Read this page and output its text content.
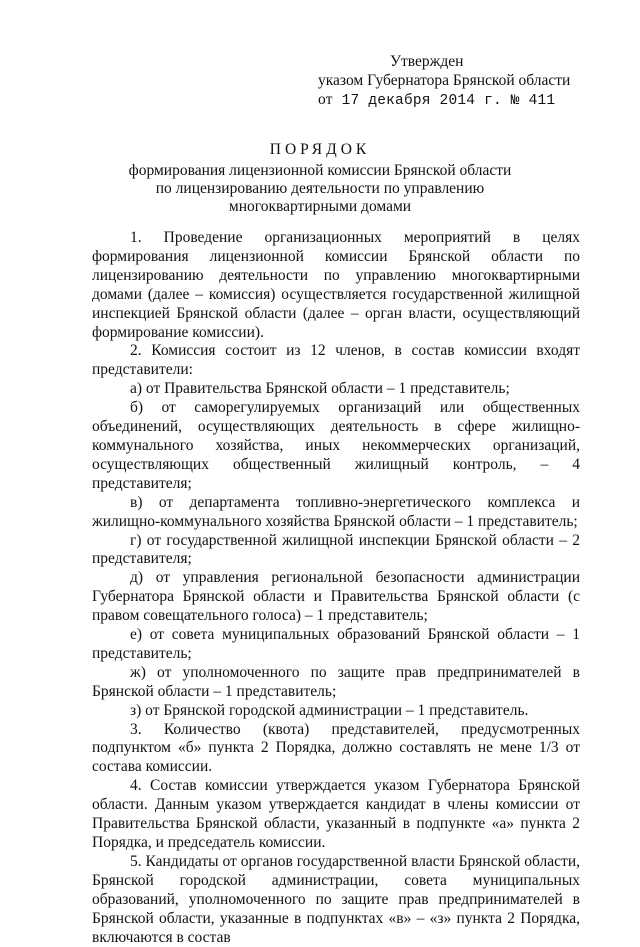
Утвержден
указом Губернатора Брянской области
от 17 декабря 2014 г. № 411
ПОРЯДОК
формирования лицензионной комиссии Брянской области
по лицензированию деятельности по управлению
многоквартирными домами

1. Проведение организационных мероприятий в целях формирования лицензионной комиссии Брянской области по лицензированию деятельности по управлению многоквартирными домами (далее – комиссия) осуществляется государственной жилищной инспекцией Брянской области (далее – орган власти, осуществляющий формирование комиссии).

2. Комиссия состоит из 12 членов, в состав комиссии входят представители:

а) от Правительства Брянской области – 1 представитель;

б) от саморегулируемых организаций или общественных объединений, осуществляющих деятельность в сфере жилищно-коммунального хозяйства, иных некоммерческих организаций, осуществляющих общественный жилищный контроль, – 4 представителя;

в) от департамента топливно-энергетического комплекса и жилищно-коммунального хозяйства Брянской области – 1 представитель;

г) от государственной жилищной инспекции Брянской области – 2 представителя;

д) от управления региональной безопасности администрации Губернатора Брянской области и Правительства Брянской области (с правом совещательного голоса) – 1 представитель;

е) от совета муниципальных образований Брянской области – 1 представитель;

ж) от уполномоченного по защите прав предпринимателей в Брянской области – 1 представитель;

з) от Брянской городской администрации – 1 представитель.

3. Количество (квота) представителей, предусмотренных подпунктом «б» пункта 2 Порядка, должно составлять не мене 1/3 от состава комиссии.

4. Состав комиссии утверждается указом Губернатора Брянской области. Данным указом утверждается кандидат в члены комиссии от Правительства Брянской области, указанный в подпункте «а» пункта 2 Порядка, и председатель комиссии.

5. Кандидаты от органов государственной власти Брянской области, Брянской городской администрации, совета муниципальных образований, уполномоченного по защите прав предпринимателей в Брянской области, указанные в подпунктах «в» – «з» пункта 2 Порядка, включаются в состав
